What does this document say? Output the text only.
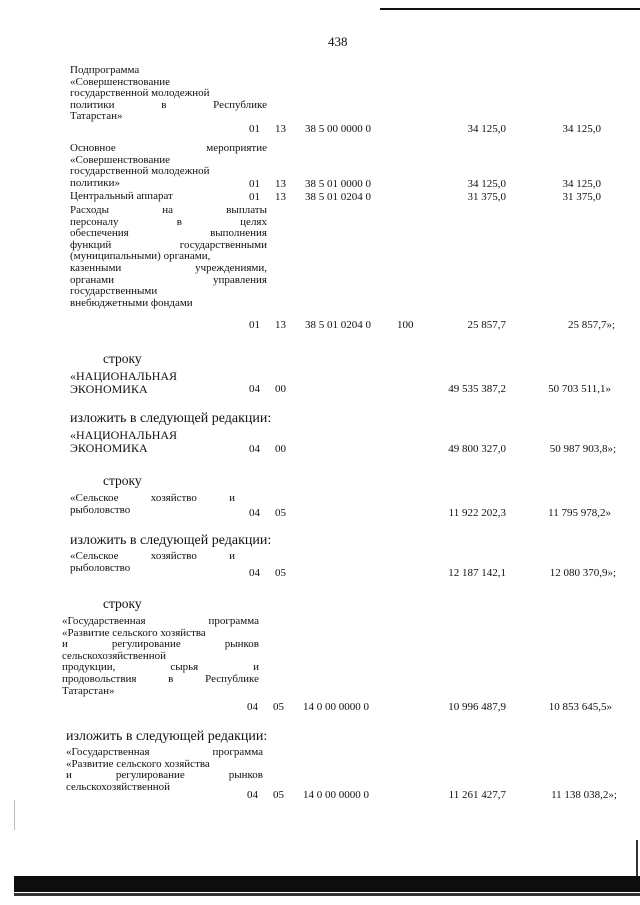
438
Подпрограмма
«Совершенствование
государственной молодежной
политики в Республике
Татарстан»
01 13 38 5 00 0000 0	34 125,0	34 125,0
Основное мероприятие
«Совершенствование
государственной молодежной
политики»	01 13 38 5 01 0000 0	34 125,0	34 125,0
Центральный аппарат	01 13 38 5 01 0204 0	31 375,0	31 375,0
Расходы на выплаты
персоналу в целях
обеспечения выполнения
функций государственными
(муниципальными) органами,
казенными учреждениями,
органами управления
государственными
внебюджетными фондами
01 13 38 5 01 0204 0 100	25 857,7	25 857,7»;
строку
«НАЦИОНАЛЬНАЯ
ЭКОНОМИКА	04 00	49 535 387,2	50 703 511,1»
изложить в следующей редакции:
«НАЦИОНАЛЬНАЯ
ЭКОНОМИКА	04 00	49 800 327,0	50 987 903,8»;
строку
«Сельское хозяйство и
рыболовство	04 05	11 922 202,3	11 795 978,2»
изложить в следующей редакции:
«Сельское хозяйство и
рыболовство	04 05	12 187 142,1	12 080 370,9»;
строку
«Государственная программа
«Развитие сельского хозяйства
и регулирование рынков
сельскохозяйственной
продукции, сырья и
продовольствия в Республике
Татарстан»
04 05 14 0 00 0000 0	10 996 487,9	10 853 645,5»
изложить в следующей редакции:
«Государственная программа
«Развитие сельского хозяйства
и регулирование рынков
сельскохозяйственной
04 05 14 0 00 0000 0	11 261 427,7	11 138 038,2»;
